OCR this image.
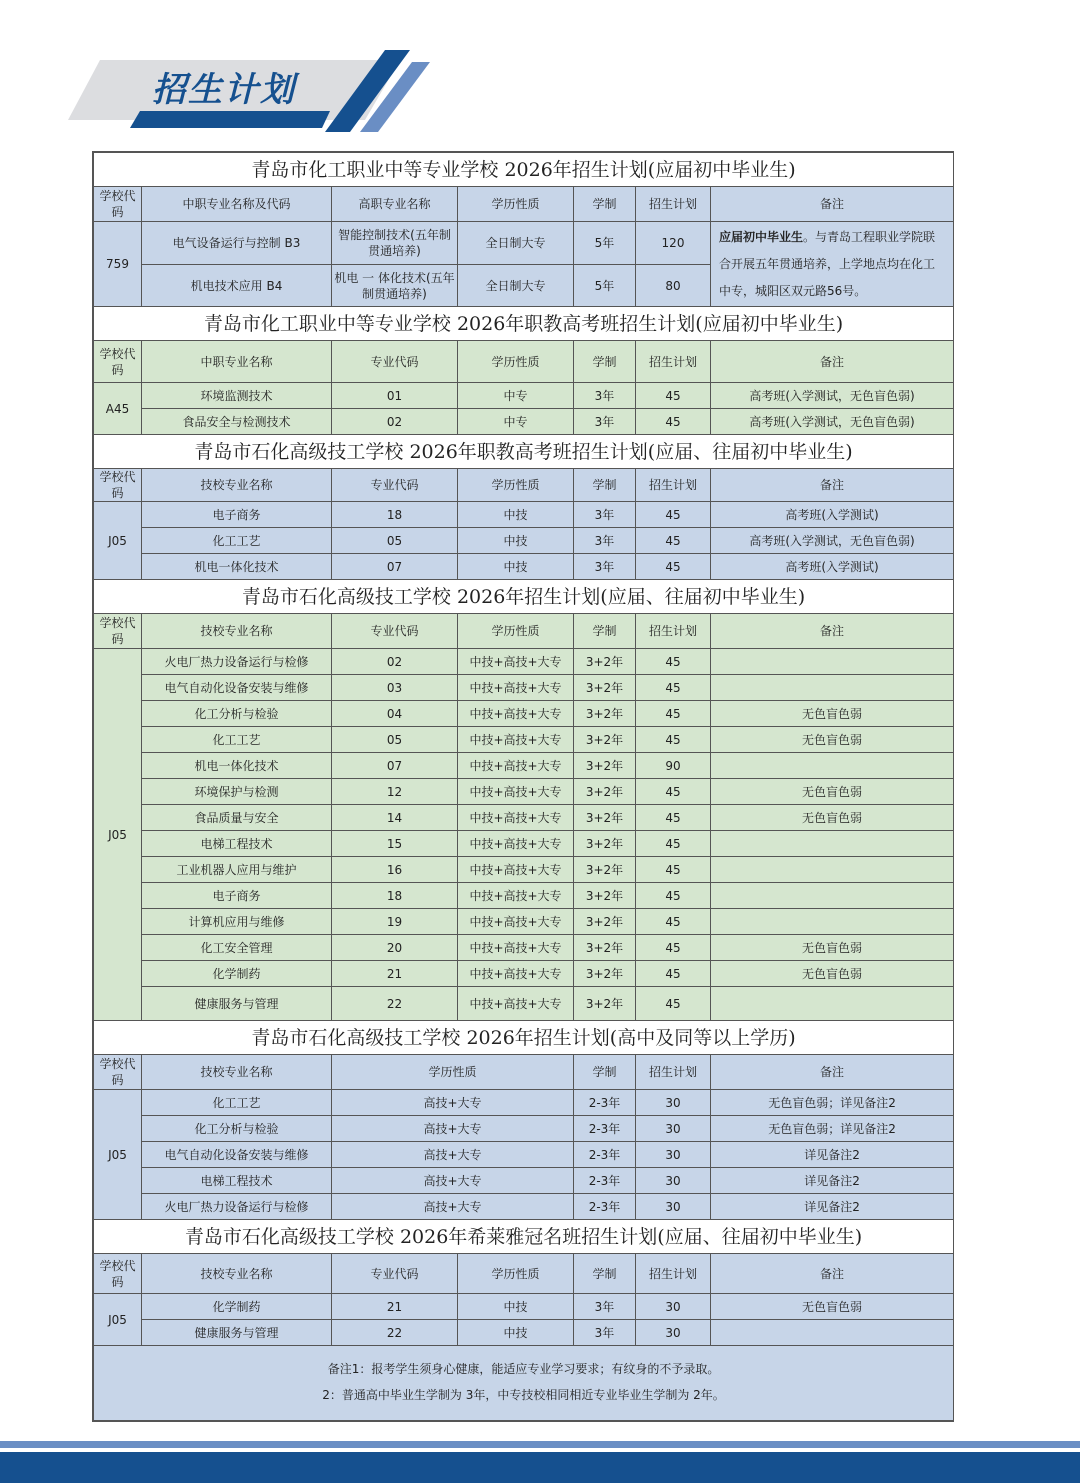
招生计划
青岛市化工职业中等专业学校 2026年招生计划(应届初中毕业生)						
学校代码	中职专业名称及代码	高职专业名称	学历性质	学制	招生计划	备注
759	电气设备运行与控制 B3	智能控制技术(五年制贯通培养)	全日制大专	5年	120	应届初中毕业生。与青岛工程职业学院联合开展五年贯通培养，上学地点均在化工中专，城阳区双元路56号。
	机电技术应用 B4	机电 一 体化技术(五年制贯通培养)	全日制大专	5年	80	
青岛市化工职业中等专业学校 2026年职教高考班招生计划(应届初中毕业生)						
学校代码	中职专业名称	专业代码	学历性质	学制	招生计划	备注
A45	环境监测技术	01	中专	3年	45	高考班(入学测试，无色盲色弱)
	食品安全与检测技术	02	中专	3年	45	高考班(入学测试，无色盲色弱)
青岛市石化高级技工学校 2026年职教高考班招生计划(应届、往届初中毕业生)						
学校代码	技校专业名称	专业代码	学历性质	学制	招生计划	备注
J05	电子商务	18	中技	3年	45	高考班(入学测试)
	化工工艺	05	中技	3年	45	高考班(入学测试，无色盲色弱)
	机电一体化技术	07	中技	3年	45	高考班(入学测试)
青岛市石化高级技工学校 2026年招生计划(应届、往届初中毕业生)						
学校代码	技校专业名称	专业代码	学历性质	学制	招生计划	备注
J05	火电厂热力设备运行与检修	02	中技+高技+大专	3+2年	45	
	电气自动化设备安装与维修	03	中技+高技+大专	3+2年	45	
	化工分析与检验	04	中技+高技+大专	3+2年	45	无色盲色弱
	化工工艺	05	中技+高技+大专	3+2年	45	无色盲色弱
	机电一体化技术	07	中技+高技+大专	3+2年	90	
	环境保护与检测	12	中技+高技+大专	3+2年	45	无色盲色弱
	食品质量与安全	14	中技+高技+大专	3+2年	45	无色盲色弱
	电梯工程技术	15	中技+高技+大专	3+2年	45	
	工业机器人应用与维护	16	中技+高技+大专	3+2年	45	
	电子商务	18	中技+高技+大专	3+2年	45	
	计算机应用与维修	19	中技+高技+大专	3+2年	45	
	化工安全管理	20	中技+高技+大专	3+2年	45	无色盲色弱
	化学制药	21	中技+高技+大专	3+2年	45	无色盲色弱
	健康服务与管理	22	中技+高技+大专	3+2年	45	
青岛市石化高级技工学校 2026年招生计划(高中及同等以上学历)						
学校代码	技校专业名称	学历性质		学制	招生计划	备注
J05	化工工艺	高技+大专		2-3年	30	无色盲色弱；详见备注2
	化工分析与检验	高技+大专		2-3年	30	无色盲色弱；详见备注2
	电气自动化设备安装与维修	高技+大专		2-3年	30	详见备注2
	电梯工程技术	高技+大专		2-3年	30	详见备注2
	火电厂热力设备运行与检修	高技+大专		2-3年	30	详见备注2
青岛市石化高级技工学校 2026年希莱雅冠名班招生计划(应届、往届初中毕业生)						
学校代码	技校专业名称	专业代码	学历性质	学制	招生计划	备注
J05	化学制药	21	中技	3年	30	无色盲色弱
	健康服务与管理	22	中技	3年	30	

备注1：报考学生须身心健康，能适应专业学习要求；有纹身的不予录取。
2：普通高中毕业生学制为 3年，中专技校相同相近专业毕业生学制为 2年。						
